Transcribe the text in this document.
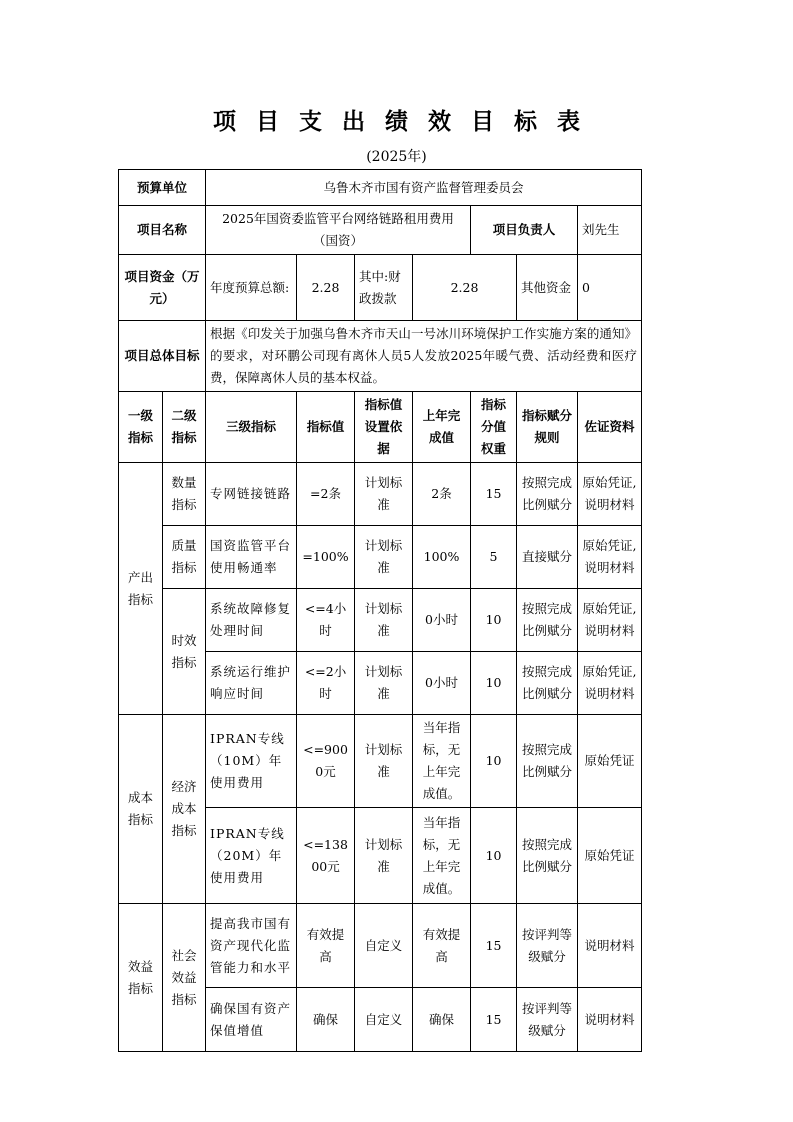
项目支出绩效目标表
(2025年)
预算单位		乌鲁木齐市国有资产监督管理委员会						
项目名称		2025年国资委监管平台网络链路租用费用（国资）				项目负责人		刘先生
项目资金（万元）		年度预算总额:	2.28	其中:财政拨款	2.28		其他资金	0
项目总体目标		根据《印发关于加强乌鲁木齐市天山一号冰川环境保护工作实施方案的通知》的要求，对环鹏公司现有离休人员5人发放2025年暖气费、活动经费和医疗费，保障离休人员的基本权益。						
一级指标	二级指标	三级指标	指标值	指标值设置依据	上年完成值	指标分值权重	指标赋分规则	佐证资料
产出指标	数量指标	专网链接链路	=2条	计划标准	2条	15	按照完成比例赋分	原始凭证,说明材料
	质量指标	国资监管平台使用畅通率	=100%	计划标准	100%	5	直接赋分	原始凭证,说明材料
	时效指标	系统故障修复处理时间	<=4小时	计划标准	0小时	10	按照完成比例赋分	原始凭证,说明材料
		系统运行维护响应时间	<=2小时	计划标准	0小时	10	按照完成比例赋分	原始凭证,说明材料
成本指标	经济成本指标	IPRAN专线（10M）年使用费用	<=9000元	计划标准	当年指标，无上年完成值。	10	按照完成比例赋分	原始凭证
		IPRAN专线（20M）年使用费用	<=13800元	计划标准	当年指标，无上年完成值。	10	按照完成比例赋分	原始凭证
效益指标	社会效益指标	提高我市国有资产现代化监管能力和水平	有效提高	自定义	有效提高	15	按评判等级赋分	说明材料
		确保国有资产保值增值	确保	自定义	确保	15	按评判等级赋分	说明材料
